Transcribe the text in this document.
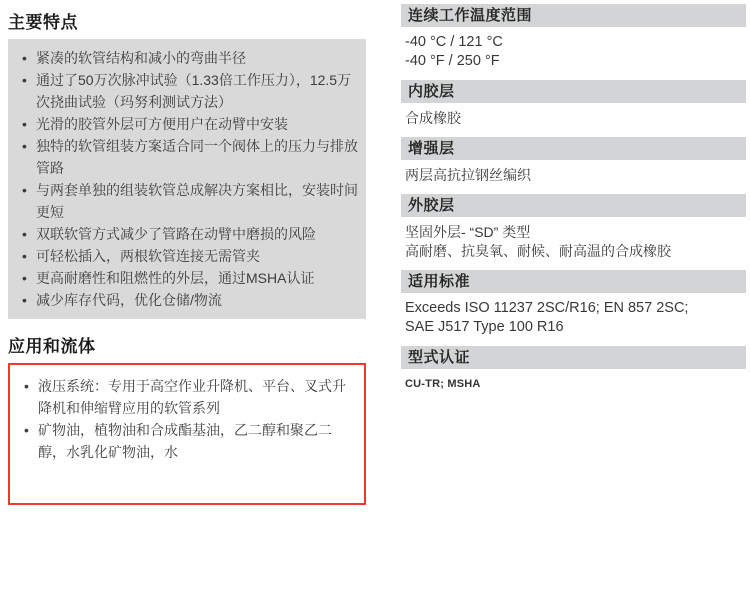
主要特点
• 紧凑的软管结构和减小的弯曲半径
• 通过了50万次脉冲试验（1.33倍工作压力），12.5万次挠曲试验（玛努利测试方法）
• 光滑的胶管外层可方便用户在动臂中安装
• 独特的软管组装方案适合同一个阀体上的压力与排放管路
• 与两套单独的组装软管总成解决方案相比，安装时间更短
• 双联软管方式减少了管路在动臂中磨损的风险
• 可轻松插入，两根软管连接无需管夹
• 更高耐磨性和阻燃性的外层，通过MSHA认证
• 减少库存代码，优化仓储/物流
应用和流体
• 液压系统：专用于高空作业升降机、平台、叉式升降机和伸缩臂应用的软管系列
• 矿物油，植物油和合成酯基油，乙二醇和聚乙二醇，水乳化矿物油，水
连续工作温度范围
-40 °C / 121 °C
-40 °F / 250 °F
内胶层
合成橡胶
增强层
两层高抗拉钢丝编织
外胶层
坚固外层- “SD” 类型
高耐磨、抗臭氧、耐候、耐高温的合成橡胶
适用标准
Exceeds ISO 11237 2SC/R16; EN 857 2SC;
SAE J517 Type 100 R16
型式认证
CU-TR; MSHA
